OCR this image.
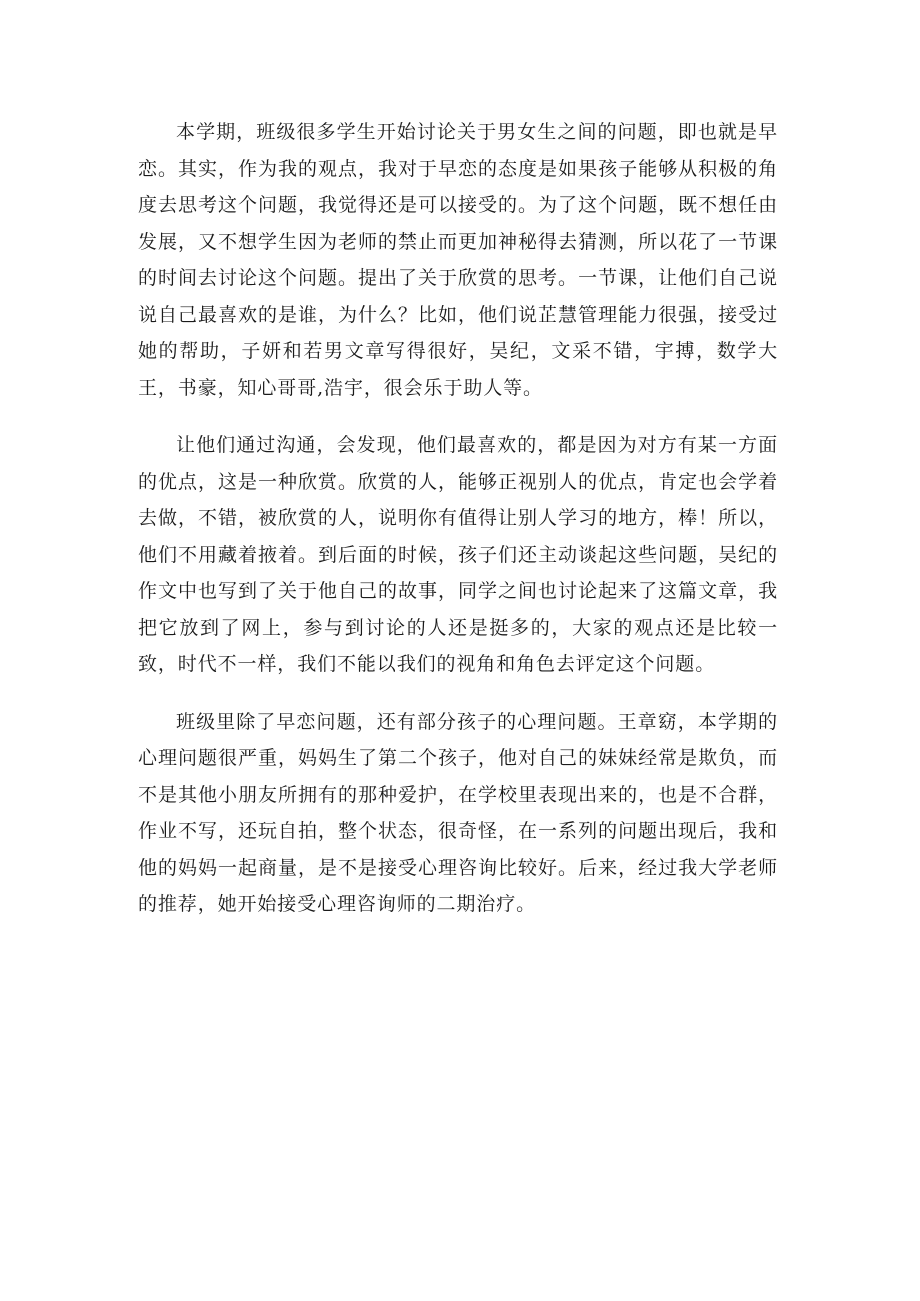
本学期，班级很多学生开始讨论关于男女生之间的问题，即也就是早恋。其实，作为我的观点，我对于早恋的态度是如果孩子能够从积极的角度去思考这个问题，我觉得还是可以接受的。为了这个问题，既不想任由发展，又不想学生因为老师的禁止而更加神秘得去猜测，所以花了一节课的时间去讨论这个问题。提出了关于欣赏的思考。一节课，让他们自己说说自己最喜欢的是谁，为什么？比如，他们说芷慧管理能力很强，接受过她的帮助，子妍和若男文章写得很好，吴纪，文采不错，宇搏，数学大王，书豪，知心哥哥,浩宇，很会乐于助人等。

让他们通过沟通，会发现，他们最喜欢的，都是因为对方有某一方面的优点，这是一种欣赏。欣赏的人，能够正视别人的优点，肯定也会学着去做，不错，被欣赏的人，说明你有值得让别人学习的地方，棒！所以，他们不用藏着掖着。到后面的时候，孩子们还主动谈起这些问题，吴纪的作文中也写到了关于他自己的故事，同学之间也讨论起来了这篇文章，我把它放到了网上，参与到讨论的人还是挺多的，大家的观点还是比较一致，时代不一样，我们不能以我们的视角和角色去评定这个问题。

班级里除了早恋问题，还有部分孩子的心理问题。王章窈，本学期的心理问题很严重，妈妈生了第二个孩子，他对自己的妹妹经常是欺负，而不是其他小朋友所拥有的那种爱护，在学校里表现出来的，也是不合群，作业不写，还玩自拍，整个状态，很奇怪，在一系列的问题出现后，我和他的妈妈一起商量，是不是接受心理咨询比较好。后来，经过我大学老师的推荐，她开始接受心理咨询师的二期治疗。
